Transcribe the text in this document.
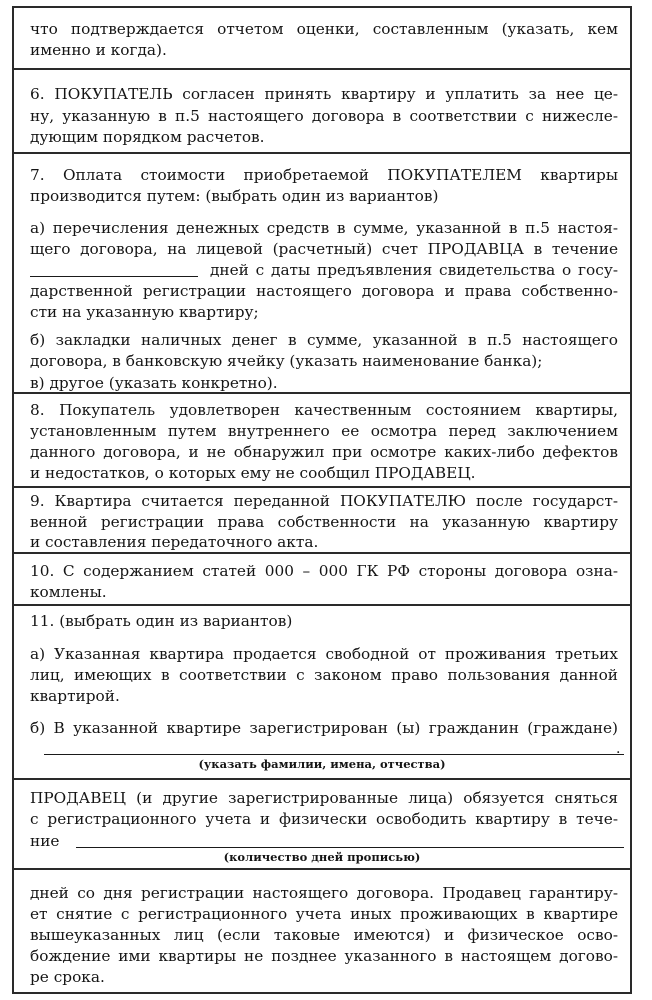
что подтверждается отчетом оценки, составленным (указать, кем
именно и когда).
6. ПОКУПАТЕЛЬ согласен принять квартиру и уплатить за нее це-
ну, указанную в п.5 настоящего договора в соответствии с нижесле-
дующим порядком расчетов.
7. Оплата стоимости приобретаемой ПОКУПАТЕЛЕМ квартиры
производится путем: (выбрать один из вариантов)
а) перечисления денежных средств в сумме, указанной в п.5 настоя-
щего договора, на лицевой (расчетный) счет ПРОДАВЦА в течение
дней с даты предъявления свидетельства о госу-
дарственной регистрации настоящего договора и права собственно-
сти на указанную квартиру;
б) закладки наличных денег в сумме, указанной в п.5 настоящего
договора, в банковскую ячейку (указать наименование банка);
в) другое (указать конкретно).
8. Покупатель удовлетворен качественным состоянием квартиры,
установленным путем внутреннего ее осмотра перед заключением
данного договора, и не обнаружил при осмотре каких-либо дефектов
и недостатков, о которых ему не сообщил ПРОДАВЕЦ.
9. Квартира считается переданной ПОКУПАТЕЛЮ после государст-
венной регистрации права собственности на указанную квартиру
и составления передаточного акта.
10. С содержанием статей 000 – 000 ГК РФ стороны договора озна-
комлены.
11. (выбрать один из вариантов)
а) Указанная квартира продается свободной от проживания третьих
лиц, имеющих в соответствии с законом право пользования данной
квартирой.
б) В указанной квартире зарегистрирован (ы) гражданин (граждане)
.
(указать фамилии, имена, отчества)
ПРОДАВЕЦ (и другие зарегистрированные лица) обязуется сняться
с регистрационного учета и физически освободить квартиру в тече-
ние
(количество дней прописью)
дней со дня регистрации настоящего договора. Продавец гарантиру-
ет снятие с регистрационного учета иных проживающих в квартире
вышеуказанных лиц (если таковые имеются) и физическое осво-
бождение ими квартиры не позднее указанного в настоящем догово-
ре срока.
